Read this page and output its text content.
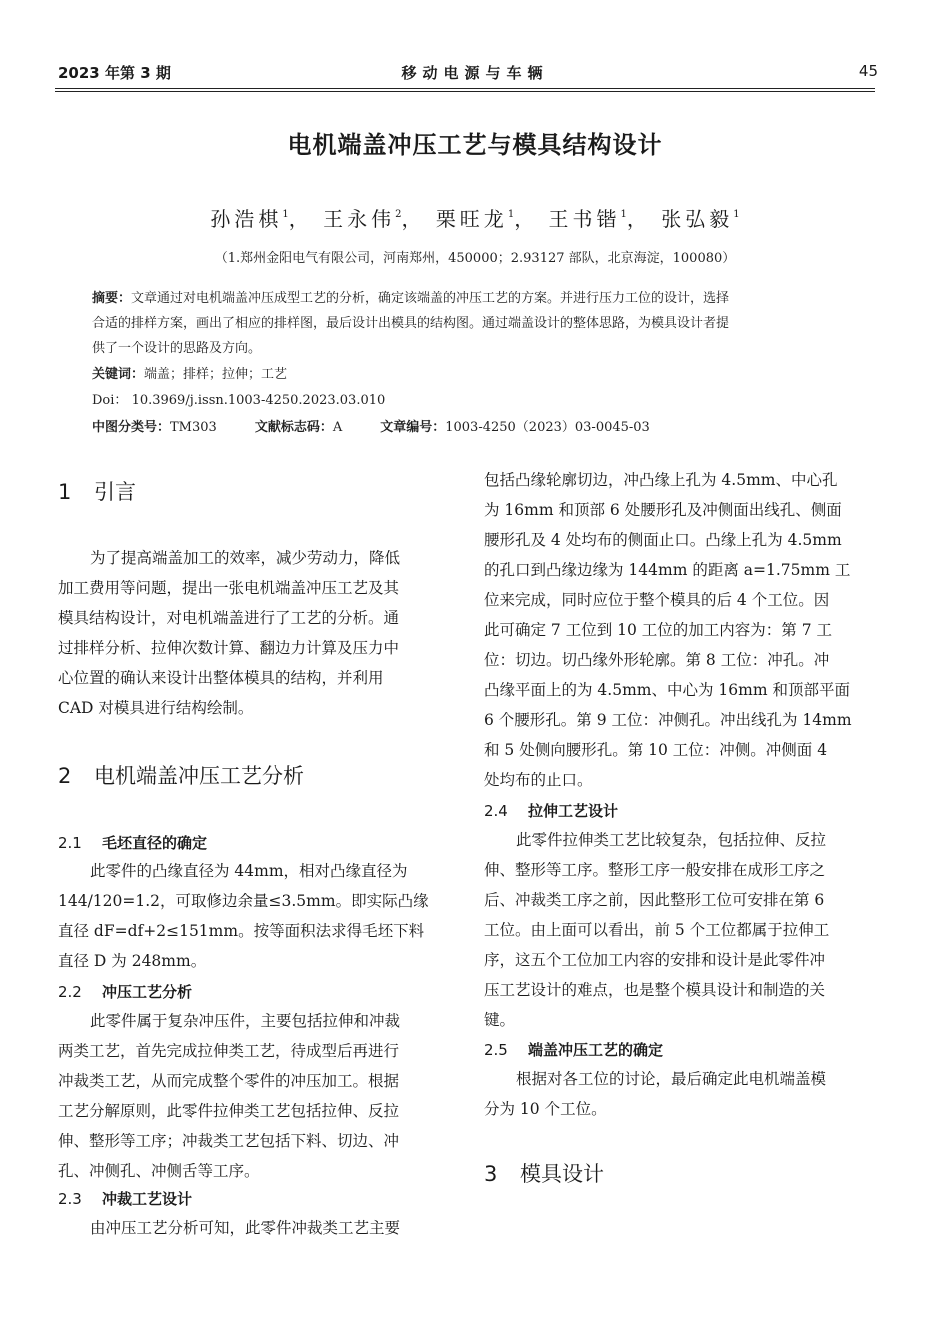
2023 年第 3 期	移动电源与车辆	45
电机端盖冲压工艺与模具结构设计
孙浩棋$^1$， 王永伟$^2$， 栗旺龙$^1$， 王书锴$^1$， 张弘毅$^1$
（1.郑州金阳电气有限公司，河南郑州，450000；2.93127 部队，北京海淀，100080）
摘要：文章通过对电机端盖冲压成型工艺的分析，确定该端盖的冲压工艺的方案。并进行压力工位的设计，选择
合适的排样方案，画出了相应的排样图，最后设计出模具的结构图。通过端盖设计的整体思路，为模具设计者提
供了一个设计的思路及方向。
关键词：端盖；排样；拉伸；工艺
Doi： 10.3969/j.issn.1003-4250.2023.03.010
中图分类号：TM303	文献标志码：A	文章编号：1003-4250（2023）03-0045-03
1 引言
为了提高端盖加工的效率，减少劳动力，降低
加工费用等问题，提出一张电机端盖冲压工艺及其
模具结构设计，对电机端盖进行了工艺的分析。通
过排样分析、拉伸次数计算、翻边力计算及压力中
心位置的确认来设计出整体模具的结构，并利用
CAD 对模具进行结构绘制。
2 电机端盖冲压工艺分析
2.1 毛坯直径的确定
此零件的凸缘直径为 44mm，相对凸缘直径为
144/120=1.2，可取修边余量≤3.5mm。即实际凸缘
直径 dF=df+2≤151mm。按等面积法求得毛坯下料
直径 D 为 248mm。
2.2 冲压工艺分析
此零件属于复杂冲压件，主要包括拉伸和冲裁
两类工艺，首先完成拉伸类工艺，待成型后再进行
冲裁类工艺，从而完成整个零件的冲压加工。根据
工艺分解原则，此零件拉伸类工艺包括拉伸、反拉
伸、整形等工序；冲裁类工艺包括下料、切边、冲
孔、冲侧孔、冲侧舌等工序。
2.3 冲裁工艺设计
由冲压工艺分析可知，此零件冲裁类工艺主要
包括凸缘轮廓切边，冲凸缘上孔为 4.5mm、中心孔
为 16mm 和顶部 6 处腰形孔及冲侧面出线孔、侧面
腰形孔及 4 处均布的侧面止口。凸缘上孔为 4.5mm
的孔口到凸缘边缘为 144mm 的距离 a=1.75mm 工
位来完成，同时应位于整个模具的后 4 个工位。因
此可确定 7 工位到 10 工位的加工内容为：第 7 工
位：切边。切凸缘外形轮廓。第 8 工位：冲孔。冲
凸缘平面上的为 4.5mm、中心为 16mm 和顶部平面
6 个腰形孔。第 9 工位：冲侧孔。冲出线孔为 14mm
和 5 处侧向腰形孔。第 10 工位：冲侧。冲侧面 4
处均布的止口。
2.4 拉伸工艺设计
此零件拉伸类工艺比较复杂，包括拉伸、反拉
伸、整形等工序。整形工序一般安排在成形工序之
后、冲裁类工序之前，因此整形工位可安排在第 6
工位。由上面可以看出，前 5 个工位都属于拉伸工
序，这五个工位加工内容的安排和设计是此零件冲
压工艺设计的难点，也是整个模具设计和制造的关
键。
2.5 端盖冲压工艺的确定
根据对各工位的讨论，最后确定此电机端盖模
分为 10 个工位。
3 模具设计
